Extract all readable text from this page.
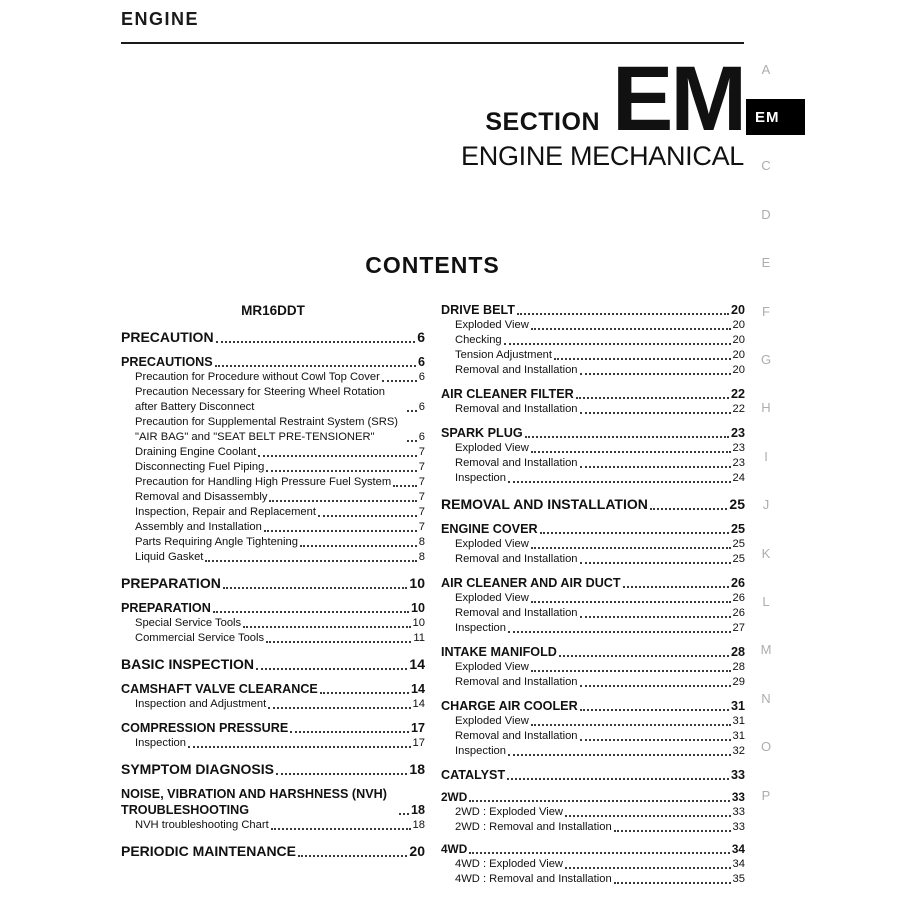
ENGINE
SECTION EM
ENGINE MECHANICAL
EM
A
C
D
E
F
G
H
I
J
K
L
M
N
O
P
CONTENTS
MR16DDT
PRECAUTION	6
PRECAUTIONS	6
Precaution for Procedure without Cowl Top Cover	6
Precaution Necessary for Steering Wheel Rotation after Battery Disconnect	6
Precaution for Supplemental Restraint System (SRS) "AIR BAG" and "SEAT BELT PRE-TENSIONER"	6
Draining Engine Coolant	7
Disconnecting Fuel Piping	7
Precaution for Handling High Pressure Fuel System 7
Removal and Disassembly	7
Inspection, Repair and Replacement	7
Assembly and Installation	7
Parts Requiring Angle Tightening	8
Liquid Gasket	8
PREPARATION	10
PREPARATION	10
Special Service Tools	10
Commercial Service Tools	11
BASIC INSPECTION	14
CAMSHAFT VALVE CLEARANCE	14
Inspection and Adjustment	14
COMPRESSION PRESSURE	17
Inspection	17
SYMPTOM DIAGNOSIS	18
NOISE, VIBRATION AND HARSHNESS (NVH) TROUBLESHOOTING	18
NVH troubleshooting Chart	18
PERIODIC MAINTENANCE	20
DRIVE BELT	20
Exploded View	20
Checking	20
Tension Adjustment	20
Removal and Installation	20
AIR CLEANER FILTER	22
Removal and Installation	22
SPARK PLUG	23
Exploded View	23
Removal and Installation	23
Inspection	24
REMOVAL AND INSTALLATION	25
ENGINE COVER	25
Exploded View	25
Removal and Installation	25
AIR CLEANER AND AIR DUCT	26
Exploded View	26
Removal and Installation	26
Inspection	27
INTAKE MANIFOLD	28
Exploded View	28
Removal and Installation	29
CHARGE AIR COOLER	31
Exploded View	31
Removal and Installation	31
Inspection	32
CATALYST	33
2WD	33
2WD : Exploded View	33
2WD : Removal and Installation	33
4WD	34
4WD : Exploded View	34
4WD : Removal and Installation	35
